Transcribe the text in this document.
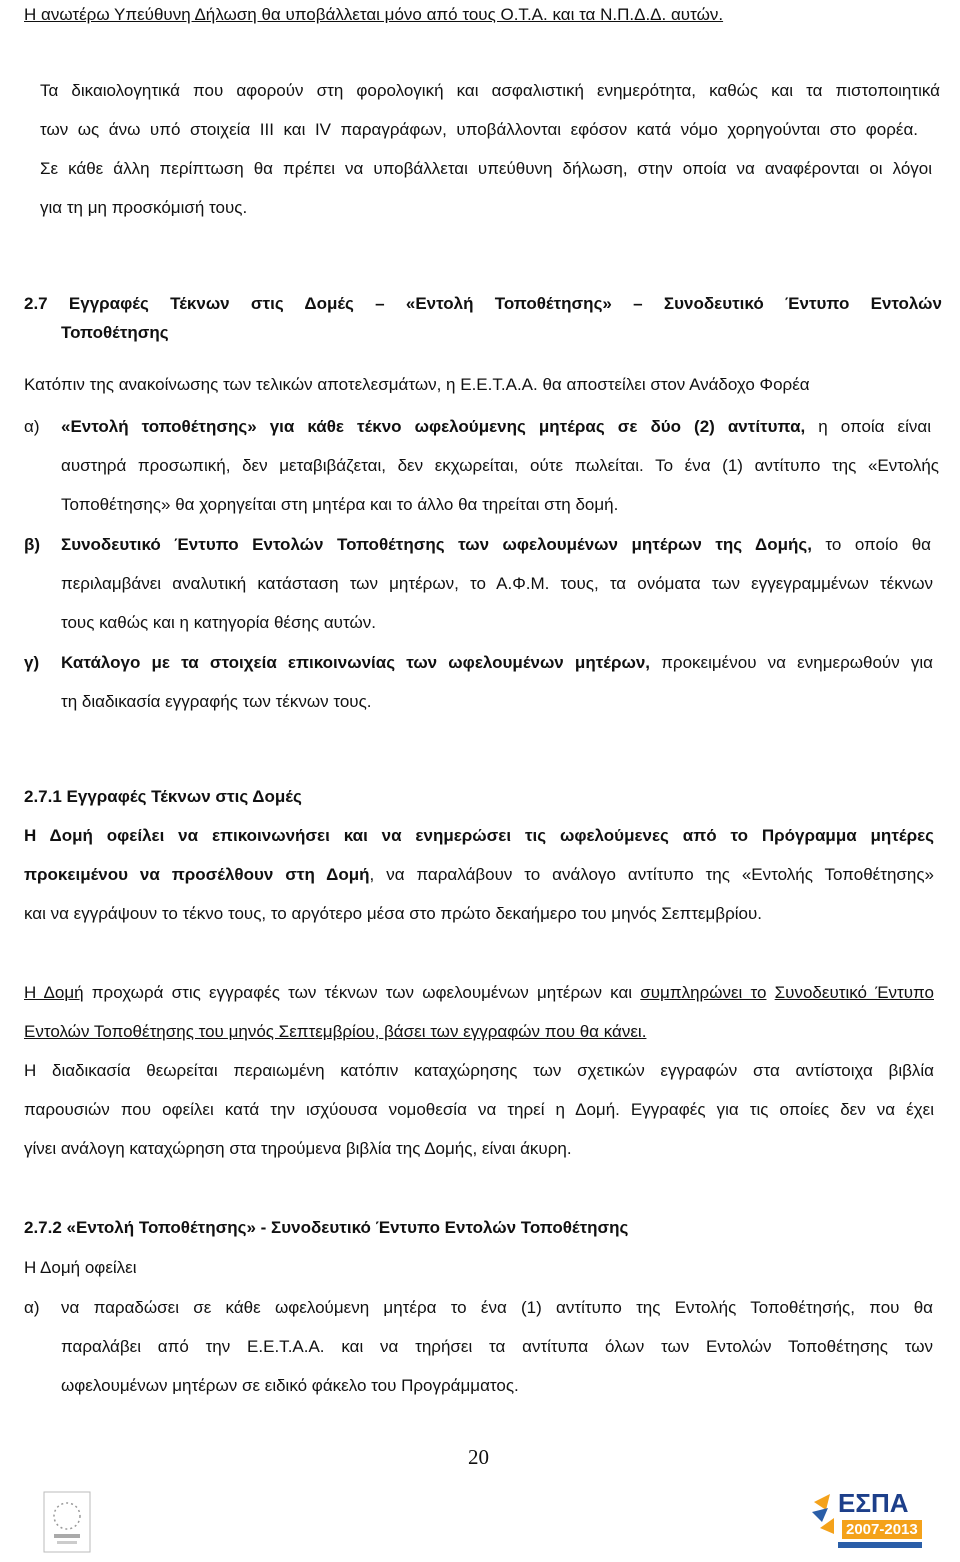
Η ανωτέρω Υπεύθυνη Δήλωση θα υποβάλλεται μόνο από τους Ο.Τ.Α. και τα Ν.Π.Δ.Δ. αυτών.
Τα δικαιολογητικά που αφορούν στη φορολογική και ασφαλιστική ενημερότητα, καθώς και τα πιστοποιητικά
των ως άνω υπό στοιχεία ΙΙΙ και ΙV παραγράφων, υποβάλλονται εφόσον κατά νόμο χορηγούνται στο φορέα.
Σε κάθε άλλη περίπτωση θα πρέπει να υποβάλλεται υπεύθυνη δήλωση, στην οποία να αναφέρονται οι λόγοι
για τη μη προσκόμισή τους.
2.7 Εγγραφές Τέκνων στις Δομές – «Εντολή Τοποθέτησης» – Συνοδευτικό Έντυπο Εντολών
Τοποθέτησης
Κατόπιν της ανακοίνωσης των τελικών αποτελεσμάτων, η Ε.Ε.Τ.Α.Α. θα αποστείλει στον Ανάδοχο Φορέα
α) «Εντολή τοποθέτησης» για κάθε τέκνο ωφελούμενης μητέρας σε δύο (2) αντίτυπα, η οποία είναι
αυστηρά προσωπική, δεν μεταβιβάζεται, δεν εκχωρείται, ούτε πωλείται. Το ένα (1) αντίτυπο της «Εντολής
Τοποθέτησης» θα χορηγείται στη μητέρα και το άλλο θα τηρείται στη δομή.
β) Συνοδευτικό Έντυπο Εντολών Τοποθέτησης των ωφελουμένων μητέρων της Δομής, το οποίο θα
περιλαμβάνει αναλυτική κατάσταση των μητέρων, το Α.Φ.Μ. τους, τα ονόματα των εγγεγραμμένων τέκνων
τους καθώς και η κατηγορία θέσης αυτών.
γ) Κατάλογο με τα στοιχεία επικοινωνίας των ωφελουμένων μητέρων, προκειμένου να ενημερωθούν για
τη διαδικασία εγγραφής των τέκνων τους.
2.7.1 Εγγραφές Τέκνων στις Δομές
Η Δομή οφείλει να επικοινωνήσει και να ενημερώσει τις ωφελούμενες από το Πρόγραμμα μητέρες
προκειμένου να προσέλθουν στη Δομή, να παραλάβουν το ανάλογο αντίτυπο της «Εντολής Τοποθέτησης»
και να εγγράψουν το τέκνο τους, το αργότερο μέσα στο πρώτο δεκαήμερο του μηνός Σεπτεμβρίου.
Η Δομή προχωρά στις εγγραφές των τέκνων των ωφελουμένων μητέρων και συμπληρώνει το Συνοδευτικό Έντυπο
Εντολών Τοποθέτησης του μηνός Σεπτεμβρίου, βάσει των εγγραφών που θα κάνει.
Η διαδικασία θεωρείται περαιωμένη κατόπιν καταχώρησης των σχετικών εγγραφών στα αντίστοιχα βιβλία
παρουσιών που οφείλει κατά την ισχύουσα νομοθεσία να τηρεί η Δομή. Εγγραφές για τις οποίες δεν να έχει
γίνει ανάλογη καταχώρηση στα τηρούμενα βιβλία της Δομής, είναι άκυρη.
2.7.2 «Εντολή Τοποθέτησης» - Συνοδευτικό Έντυπο Εντολών Τοποθέτησης
Η Δομή οφείλει
α) να παραδώσει σε κάθε ωφελούμενη μητέρα το ένα (1) αντίτυπο της Εντολής Τοποθέτησής, που θα
παραλάβει από την Ε.Ε.Τ.Α.Α. και να τηρήσει τα αντίτυπα όλων των Εντολών Τοποθέτησης των
ωφελουμένων μητέρων σε ειδικό φάκελο του Προγράμματος.
20
ΕΣΠΑ
2007-2013
